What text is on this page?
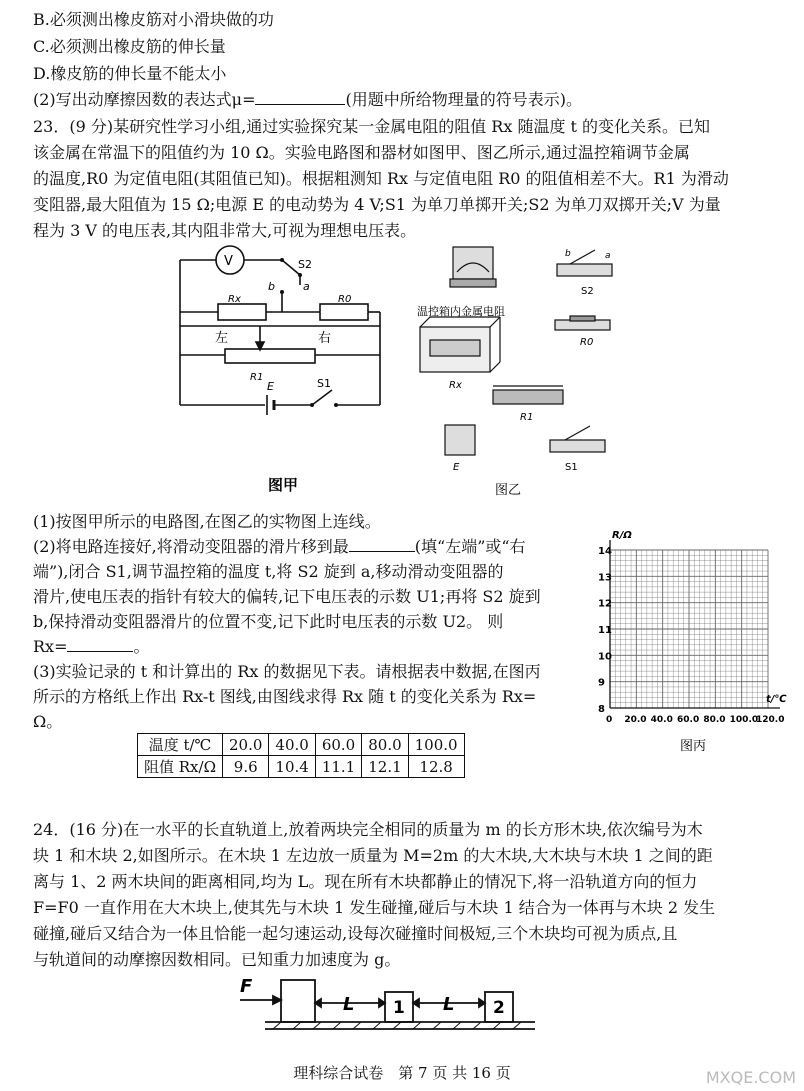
B.必须测出橡皮筋对小滑块做的功
C.必须测出橡皮筋的伸长量
D.橡皮筋的伸长量不能太小
(2)写出动摩擦因数的表达式μ=	(用题中所给物理量的符号表示)。
23．(9 分)某研究性学习小组,通过实验探究某一金属电阻的阻值 Rx 随温度 t 的变化关系。已知
该金属在常温下的阻值约为 10 Ω。实验电路图和器材如图甲、图乙所示,通过温控箱调节金属
的温度,R0 为定值电阻(其阻值已知)。根据粗测知 Rx 与定值电阻 R0 的阻值相差不大。R1 为滑动
变阻器,最大阻值为 15 Ω;电源 E 的电动势为 4 V;S1 为单刀单掷开关;S2 为单刀双掷开关;V 为量
程为 3 V 的电压表,其内阻非常大,可视为理想电压表。
V	S2
b	a
Rx	R0
左	右
R1
E	S1
图甲
温控箱内金属电阻
Rx
b	a
S2
R0
R1
E	S1
图乙
(1)按图甲所示的电路图,在图乙的实物图上连线。
(2)将电路连接好,将滑动变阻器的滑片移到最	(填“左端”或“右
端”),闭合 S1,调节温控箱的温度 t,将 S2 旋到 a,移动滑动变阻器的
滑片,使电压表的指针有较大的偏转,记下电压表的示数 U1;再将 S2 旋到
b,保持滑动变阻器滑片的位置不变,记下此时电压表的示数 U2。 则
Rx=	。
(3)实验记录的 t 和计算出的 Rx 的数据见下表。请根据表中数据,在图丙
所示的方格纸上作出 Rx-t 图线,由图线求得 Rx 随 t 的变化关系为 Rx=
Ω。
温度 t/℃	20.0	40.0	60.0	80.0	100.0
阻值 Rx/Ω	9.6	10.4	11.1	12.1	12.8
0 20.0 40.0 60.0 80.0 100.0
120.0
8
9
10
11
12
13
14
R/Ω
t/℃
图丙
24．(16 分)在一水平的长直轨道上,放着两块完全相同的质量为 m 的长方形木块,依次编号为木
块 1 和木块 2,如图所示。在木块 1 左边放一质量为 M=2m 的大木块,大木块与木块 1 之间的距
离与 1、2 两木块间的距离相同,均为 L。现在所有木块都静止的情况下,将一沿轨道方向的恒力
F=F0 一直作用在大木块上,使其先与木块 1 发生碰撞,碰后与木块 1 结合为一体再与木块 2 发生
碰撞,碰后又结合为一体且恰能一起匀速运动,设每次碰撞时间极短,三个木块均可视为质点,且
与轨道间的动摩擦因数相同。已知重力加速度为 g。
F
L 1 L 2
理科综合试卷　第 7 页 共 16 页	MXQE.COM
